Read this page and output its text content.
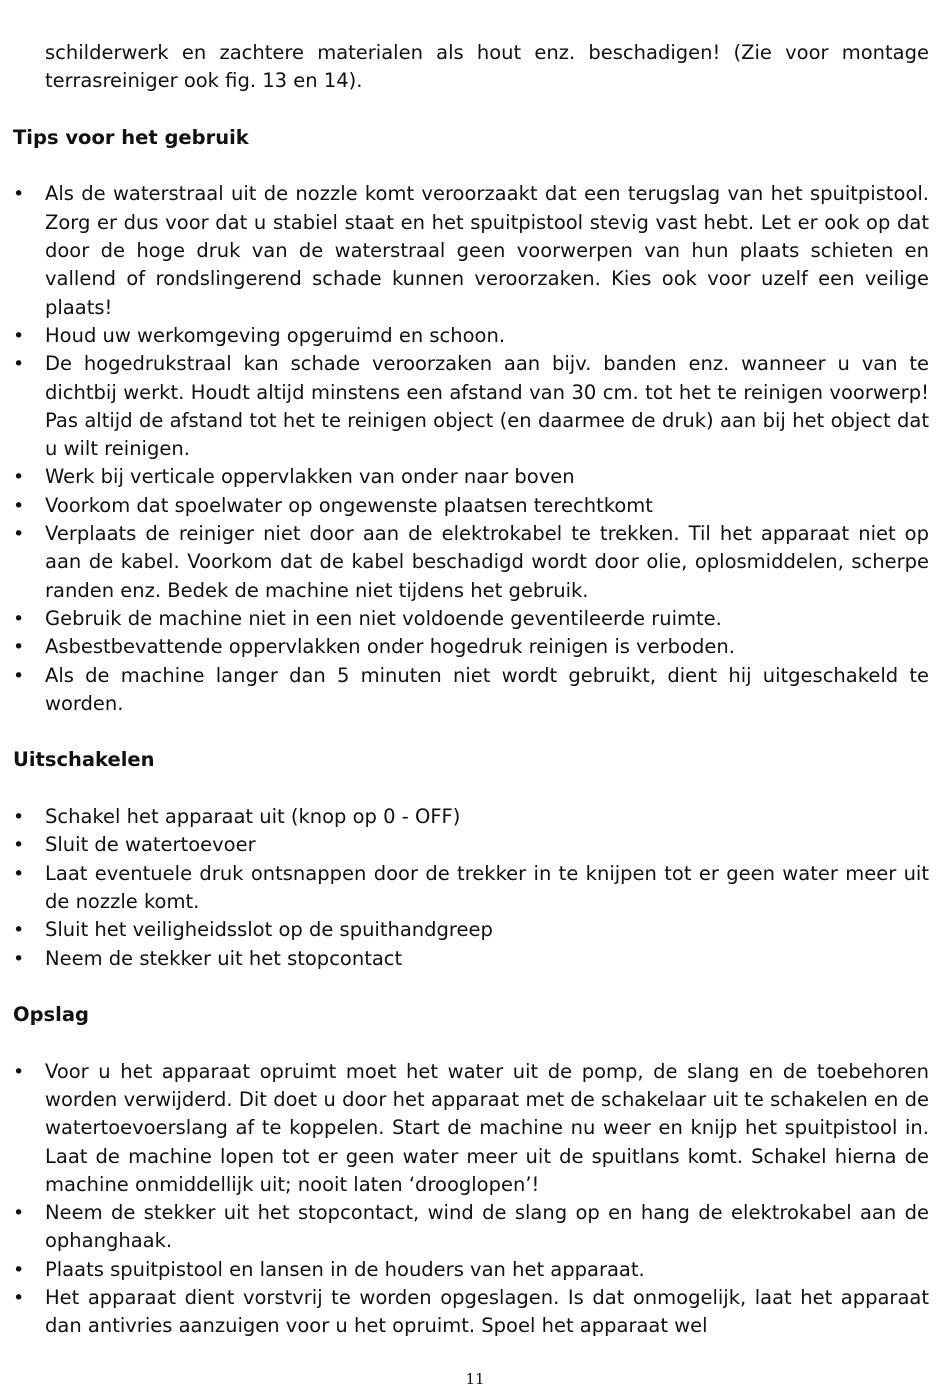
schilderwerk en zachtere materialen als hout enz. beschadigen! (Zie voor montage terrasreiniger ook fig. 13 en 14).

Tips voor het gebruik
• Als de waterstraal uit de nozzle komt veroorzaakt dat een terugslag van het spuitpistool. Zorg er dus voor dat u stabiel staat en het spuitpistool stevig vast hebt. Let er ook op dat door de hoge druk van de waterstraal geen voorwerpen van hun plaats schieten en vallend of rondslingerend schade kunnen veroorzaken. Kies ook voor uzelf een veilige plaats!
• Houd uw werkomgeving opgeruimd en schoon.
• De hogedrukstraal kan schade veroorzaken aan bijv. banden enz. wanneer u van te dichtbij werkt. Houdt altijd minstens een afstand van 30 cm. tot het te reinigen voorwerp! Pas altijd de afstand tot het te reinigen object (en daarmee de druk) aan bij het object dat u wilt reinigen.
• Werk bij verticale oppervlakken van onder naar boven
• Voorkom dat spoelwater op ongewenste plaatsen terechtkomt
• Verplaats de reiniger niet door aan de elektrokabel te trekken. Til het apparaat niet op aan de kabel. Voorkom dat de kabel beschadigd wordt door olie, oplosmiddelen, scherpe randen enz. Bedek de machine niet tijdens het gebruik.
• Gebruik de machine niet in een niet voldoende geventileerde ruimte.
• Asbestbevattende oppervlakken onder hogedruk reinigen is verboden.
• Als de machine langer dan 5 minuten niet wordt gebruikt, dient hij uitgeschakeld te worden.
Uitschakelen
• Schakel het apparaat uit (knop op 0 - OFF)
• Sluit de watertoevoer
• Laat eventuele druk ontsnappen door de trekker in te knijpen tot er geen water meer uit de nozzle komt.
• Sluit het veiligheidsslot op de spuithandgreep
• Neem de stekker uit het stopcontact
Opslag
• Voor u het apparaat opruimt moet het water uit de pomp, de slang en de toebehoren worden verwijderd. Dit doet u door het apparaat met de schakelaar uit te schakelen en de watertoevoerslang af te koppelen. Start de machine nu weer en knijp het spuitpistool in. Laat de machine lopen tot er geen water meer uit de spuitlans komt. Schakel hierna de machine onmiddellijk uit; nooit laten ‘drooglopen’!
• Neem de stekker uit het stopcontact, wind de slang op en hang de elektrokabel aan de ophanghaak.
• Plaats spuitpistool en lansen in de houders van het apparaat.
• Het apparaat dient vorstvrij te worden opgeslagen. Is dat onmogelijk, laat het apparaat dan antivries aanzuigen voor u het opruimt. Spoel het apparaat wel
11
